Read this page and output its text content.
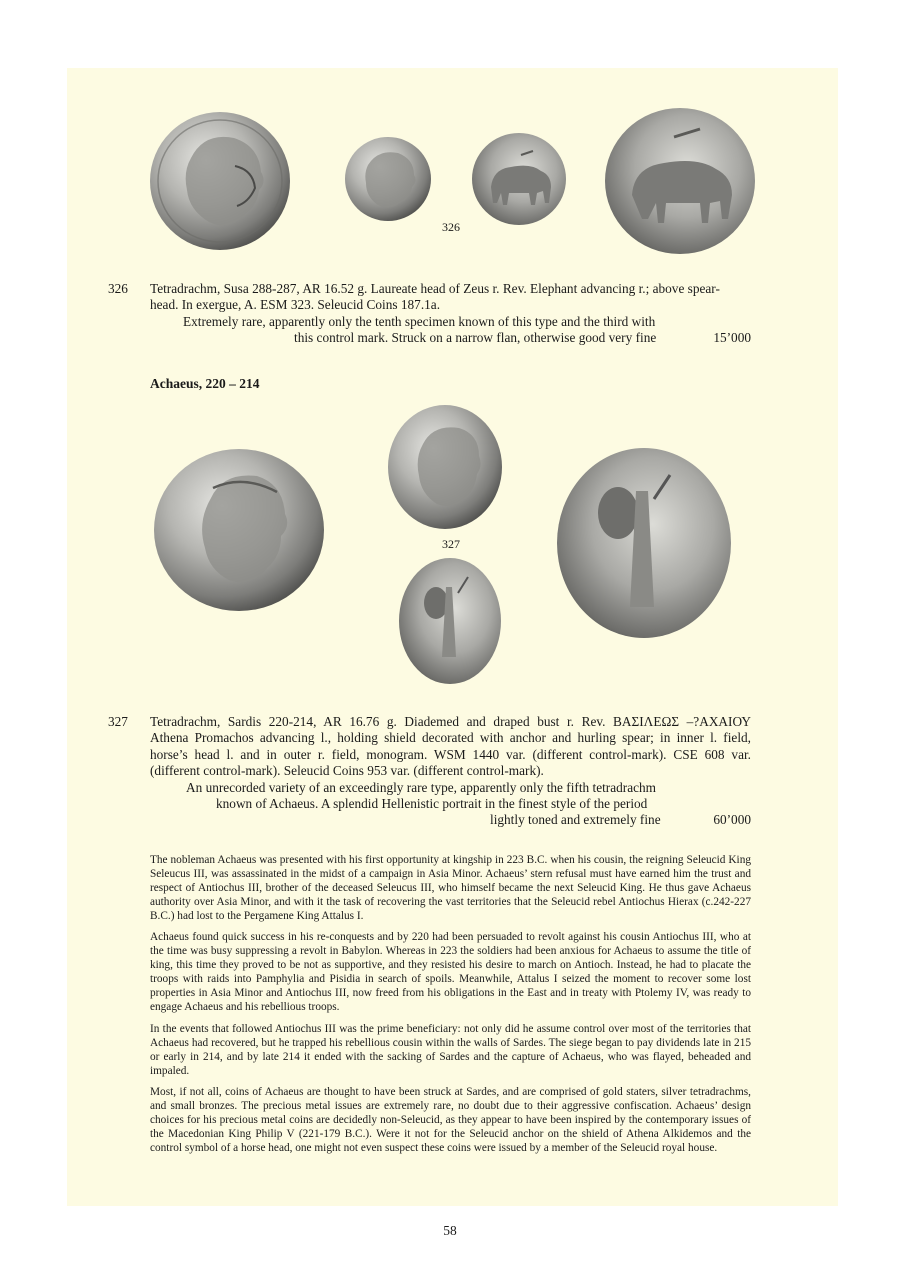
326
326 Tetradrachm, Susa 288-287, AR 16.52 g. Laureate head of Zeus r. Rev. Elephant advancing r.; above spear-
head. In exergue, A. ESM 323. Seleucid Coins 187.1a.
Extremely rare, apparently only the tenth specimen known of this type and the third with
this control mark. Struck on a narrow flan, otherwise good very fine	15’000
Achaeus, 220 – 214
327
327 Tetradrachm, Sardis 220-214, AR 16.76 g. Diademed and draped bust r. Rev. ΒΑΣΙΛΕΩΣ –?ΑΧΑΙΟΥ
Athena Promachos advancing l., holding shield decorated with anchor and hurling spear; in inner l. field,
horse’s head l. and in outer r. field, monogram. WSM 1440 var. (different control-mark). CSE 608 var.
(different control-mark). Seleucid Coins 953 var. (different control-mark).
An unrecorded variety of an exceedingly rare type, apparently only the fifth tetradrachm
known of Achaeus. A splendid Hellenistic portrait in the finest style of the period
lightly toned and extremely fine	60’000

The nobleman Achaeus was presented with his first opportunity at kingship in 223 B.C. when his cousin, the reigning Seleucid King Seleucus III, was assassinated in the midst of a campaign in Asia Minor. Achaeus’ stern refusal must have earned him the trust and respect of Antiochus III, brother of the deceased Seleucus III, who himself became the next Seleucid King. He thus gave Achaeus authority over Asia Minor, and with it the task of recovering the vast territories that the Seleucid rebel Antiochus Hierax (c.242-227 B.C.) had lost to the Pergamene King Attalus I.

Achaeus found quick success in his re-conquests and by 220 had been persuaded to revolt against his cousin Antiochus III, who at the time was busy suppressing a revolt in Babylon. Whereas in 223 the soldiers had been anxious for Achaeus to assume the title of king, this time they proved to be not as supportive, and they resisted his desire to march on Antioch. Instead, he had to placate the troops with raids into Pamphylia and Pisidia in search of spoils. Meanwhile, Attalus I seized the moment to recover some lost properties in Asia Minor and Antiochus III, now freed from his obligations in the East and in treaty with Ptolemy IV, was ready to engage Achaeus and his rebellious troops.

In the events that followed Antiochus III was the prime beneficiary: not only did he assume control over most of the territories that Achaeus had recovered, but he trapped his rebellious cousin within the walls of Sardes. The siege began to pay dividends late in 215 or early in 214, and by late 214 it ended with the sacking of Sardes and the capture of Achaeus, who was flayed, beheaded and impaled.

Most, if not all, coins of Achaeus are thought to have been struck at Sardes, and are comprised of gold staters, silver tetradrachms, and small bronzes. The precious metal issues are extremely rare, no doubt due to their aggressive confiscation. Achaeus’ design choices for his precious metal coins are decidedly non-Seleucid, as they appear to have been inspired by the contemporary issues of the Macedonian King Philip V (221-179 B.C.). Were it not for the Seleucid anchor on the shield of Athena Alkidemos and the control symbol of a horse head, one might not even suspect these coins were issued by a member of the Seleucid royal house.

58
